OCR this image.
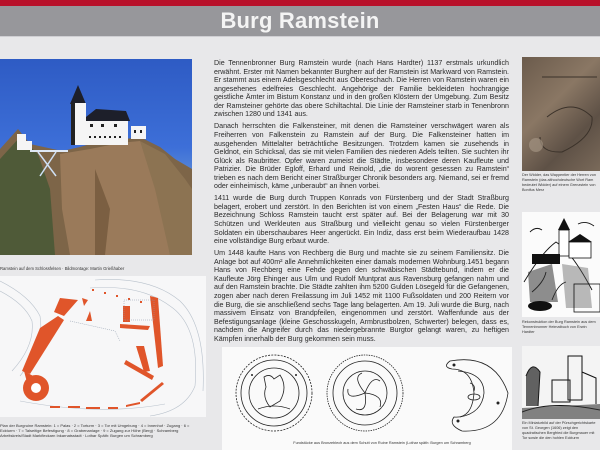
Burg Ramstein
Ramstein auf dem Schlossfelsen · Bildmontage: Martin Grießhaber
Plan der Burgruine Ramstein: 1 = Palas · 2 = Torturm · 3 = Tor mit Umgebung · 4 = Innenhof · Zugang · 6 = Eckturm · 7 = Talseitige Befestigung · 8 = Grabenanlage · 9 = Zugang zur Höhe (Berg) · Schramberg Arbeitskreis/Stadt Markfleckarn Inkarnatsstadt · Lothar Späth: Burgen um Schramberg

Die Tennenbronner Burg Ramstein wurde (nach Hans Hardter) 1137 erstmals urkundlich erwähnt. Erster mit Namen bekannter Burgherr auf der Ramstein ist Markward von Ramstein. Er stammt aus einem Adelsgeschlecht aus Obereschach. Die Herren von Ramstein waren ein angesehenes edelfreies Geschlecht. Angehörige der Familie bekleideten hochrangige geistliche Ämter im Bistum Konstanz und in den großen Klöstern der Umgebung. Zum Besitz der Ramsteiner gehörte das obere Schiltachtal. Die Linie der Ramsteiner starb in Tenenbronn zwischen 1280 und 1341 aus.

Danach herrschten die Falkensteiner, mit denen die Ramsteiner verschwägert waren als Freiherren von Falkenstein zu Ramstein auf der Burg. Die Falkensteiner hatten im ausgehenden Mittelalter beträchtliche Besitzungen. Trotzdem kamen sie zusehends in Geldnot, ein Schicksal, das sie mit vielen Familien des niederen Adels teilten. Sie suchten ihr Glück als Raubritter. Opfer waren zumeist die Städte, insbesondere deren Kaufleute und Patrizier. Die Brüder Egloff, Erhard und Reinold, „die do worent gesessen zu Ramstein“ trieben es nach dem Bericht einer Straßburger Chronik besonders arg. Niemand, sei er fremd oder einheimisch, käme „unberaubt“ an ihnen vorbei.

1411 wurde die Burg durch Truppen Konrads von Fürstenberg und der Stadt Straßburg belagert, erobert und zerstört. In den Berichten ist von einem „Festen Haus“ die Rede. Die Bezeichnung Schloss Ramstein taucht erst später auf. Bei der Belagerung war mit 30 Schützen und Werkleuten aus Straßburg und vielleicht genau so vielen Fürstenberger Soldaten ein überschaubares Heer angerückt. Ein Indiz, dass erst beim Wiederaufbau 1428 eine vollständige Burg erbaut wurde.

Um 1448 kaufte Hans von Rechberg die Burg und machte sie zu seinem Familiensitz. Die Anlage bot auf 400m² alle Annehmlichkeiten einer damals modernen Wohnburg.1451 begann Hans von Rechberg eine Fehde gegen den schwäbischen Städtebund, indem er die Kaufleute Jörg Ehinger aus Ulm und Rudolf Muntprat aus Ravensburg gefangen nahm und auf den Ramstein brachte. Die Städte zahlten ihm 5200 Gulden Lösegeld für die Gefangenen, zogen aber nach deren Freilassung im Juli 1452 mit 1100 Fußsoldaten und 200 Reitern vor die Burg, die sie anschließend sechs Tage lang belagerten. Am 19. Juli wurde die Burg, nach massivem Einsatz von Brandpfeilen, eingenommen und zerstört. Waffenfunde aus der Befestigungsanlage (kleine Geschosskugeln, Armbrustbolzen, Schwerter) belegen, dass es, nachdem die Angreifer durch das niedergebrannte Burgtor gelangt waren, zu heftigen Kämpfen innerhalb der Burg gekommen sein muss.

Fundstücke aus Bronzeblech aus dem Schutt von Ruine Ramstein (Lothar späth: Burgen um Schramberg
Der Widder, das Wappentier der Herren von Ramstein (das althochdeutsche Wort Ram bedeutet Widder) auf einem Grenzstein von Bonifus Merz
Rekonstruktion der Burg Ramstein aus dem Tennenbronner Heimatbuch von Erwin Hardter
Ein Miniaturbild auf der Pürschgerichtskarte von St. Georgen (1606) zeigt den quadratischen Bergfried die Burgmauer mit Tor sowie die den hohlen Eckturm
